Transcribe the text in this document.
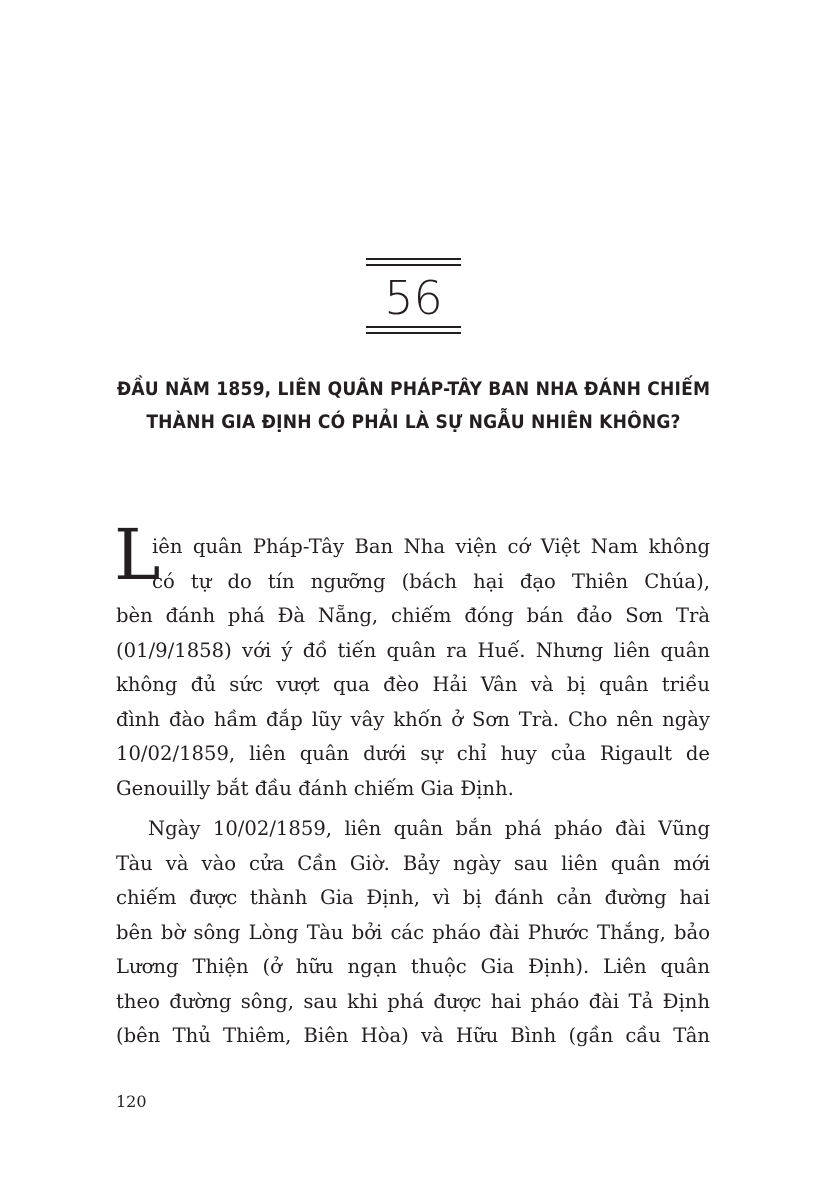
56
ĐẦU NĂM 1859, LIÊN QUÂN PHÁP-TÂY BAN NHA ĐÁNH CHIẾM
THÀNH GIA ĐỊNH CÓ PHẢI LÀ SỰ NGẪU NHIÊN KHÔNG?
L
iên quân Pháp-Tây Ban Nha viện cớ Việt Nam không
có tự do tín ngưỡng (bách hại đạo Thiên Chúa),
bèn đánh phá Đà Nẵng, chiếm đóng bán đảo Sơn Trà
(01/9/1858) với ý đồ tiến quân ra Huế. Nhưng liên quân
không đủ sức vượt qua đèo Hải Vân và bị quân triều
đình đào hầm đắp lũy vây khốn ở Sơn Trà. Cho nên ngày
10/02/1859, liên quân dưới sự chỉ huy của Rigault de
Genouilly bắt đầu đánh chiếm Gia Định.
Ngày 10/02/1859, liên quân bắn phá pháo đài Vũng
Tàu và vào cửa Cần Giờ. Bảy ngày sau liên quân mới
chiếm được thành Gia Định, vì bị đánh cản đường hai
bên bờ sông Lòng Tàu bởi các pháo đài Phước Thắng, bảo
Lương Thiện (ở hữu ngạn thuộc Gia Định). Liên quân
theo đường sông, sau khi phá được hai pháo đài Tả Định
(bên Thủ Thiêm, Biên Hòa) và Hữu Bình (gần cầu Tân
120
